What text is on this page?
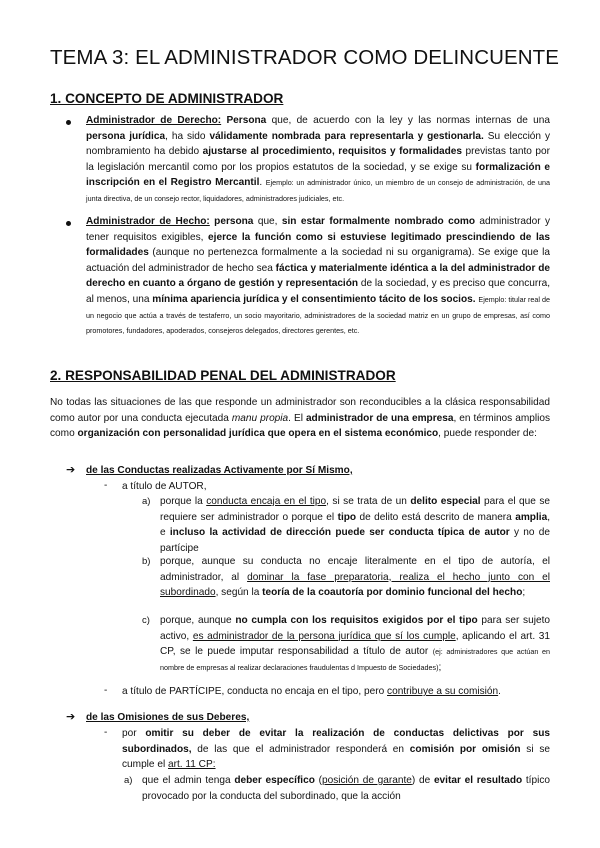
TEMA 3: EL ADMINISTRADOR COMO DELINCUENTE
1. CONCEPTO DE ADMINISTRADOR
Administrador de Derecho: Persona que, de acuerdo con la ley y las normas internas de una persona jurídica, ha sido válidamente nombrada para representarla y gestionarla. Su elección y nombramiento ha debido ajustarse al procedimiento, requisitos y formalidades previstas tanto por la legislación mercantil como por los propios estatutos de la sociedad, y se exige su formalización e inscripción en el Registro Mercantil. Ejemplo: un administrador único, un miembro de un consejo de administración, de una junta directiva, de un consejo rector, liquidadores, administradores judiciales, etc.
Administrador de Hecho: persona que, sin estar formalmente nombrado como administrador y tener requisitos exigibles, ejerce la función como si estuviese legitimado prescindiendo de las formalidades (aunque no pertenezca formalmente a la sociedad ni su organigrama). Se exige que la actuación del administrador de hecho sea fáctica y materialmente idéntica a la del administrador de derecho en cuanto a órgano de gestión y representación de la sociedad, y es preciso que concurra, al menos, una mínima apariencia jurídica y el consentimiento tácito de los socios. Ejemplo: titular real de un negocio que actúa a través de testaferro, un socio mayoritario, administradores de la sociedad matriz en un grupo de empresas, así como promotores, fundadores, apoderados, consejeros delegados, directores gerentes, etc.
2. RESPONSABILIDAD PENAL DEL ADMINISTRADOR
No todas las situaciones de las que responde un administrador son reconducibles a la clásica responsabilidad como autor por una conducta ejecutada manu propia. El administrador de una empresa, en términos amplios como organización con personalidad jurídica que opera en el sistema económico, puede responder de:
➔ de las Conductas realizadas Activamente por Sí Mismo,
- a título de AUTOR,
a) porque la conducta encaja en el tipo, si se trata de un delito especial para el que se requiere ser administrador o porque el tipo de delito está descrito de manera amplia, e incluso la actividad de dirección puede ser conducta típica de autor y no de partícipe
b) porque, aunque su conducta no encaje literalmente en el tipo de autoría, el administrador, al dominar la fase preparatoria, realiza el hecho junto con el subordinado, según la teoría de la coautoría por dominio funcional del hecho;
c) porque, aunque no cumpla con los requisitos exigidos por el tipo para ser sujeto activo, es administrador de la persona jurídica que sí los cumple, aplicando el art. 31 CP, se le puede imputar responsabilidad a título de autor (ej: administradores que actúan en nombre de empresas al realizar declaraciones fraudulentas d Impuesto de Sociedades);
- a título de PARTÍCIPE, conducta no encaja en el tipo, pero contribuye a su comisión.
➔ de las Omisiones de sus Deberes,
- por omitir su deber de evitar la realización de conductas delictivas por sus subordinados, de las que el administrador responderá en comisión por omisión si se cumple el art. 11 CP:
a) que el admin tenga deber específico (posición de garante) de evitar el resultado típico provocado por la conducta del subordinado, que la acción
